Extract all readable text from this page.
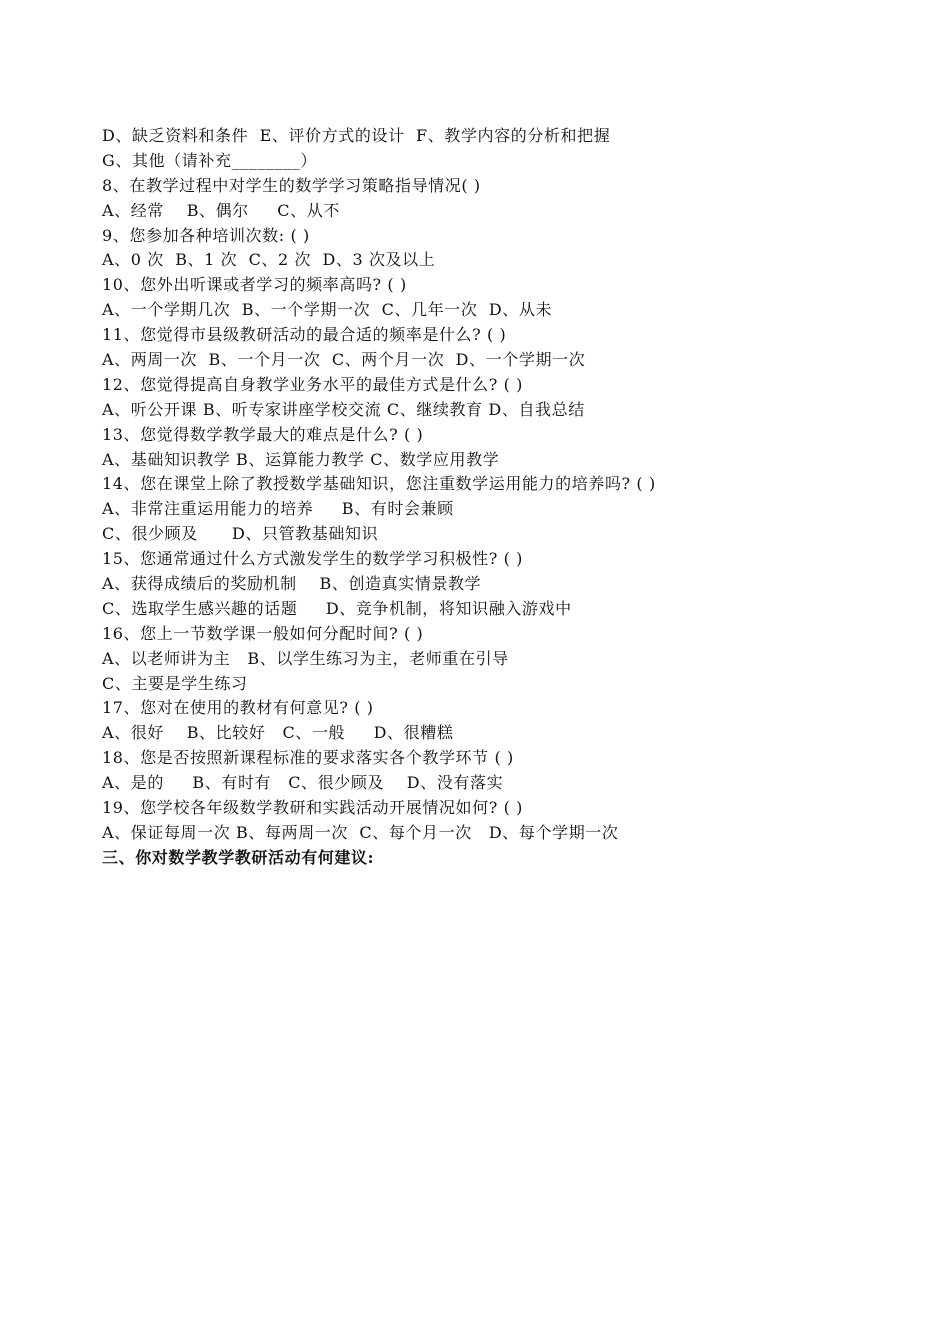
D、缺乏资料和条件  E、评价方式的设计  F、教学内容的分析和把握
G、其他（请补充________）
8、在教学过程中对学生的数学学习策略指导情况( )
A、经常    B、偶尔     C、从不
9、您参加各种培训次数: ( )
A、0 次  B、1 次  C、2 次  D、3 次及以上
10、您外出听课或者学习的频率高吗? ( )
A、一个学期几次  B、一个学期一次  C、几年一次  D、从未
11、您觉得市县级教研活动的最合适的频率是什么? ( )
A、两周一次  B、一个月一次  C、两个月一次  D、一个学期一次
12、您觉得提高自身教学业务水平的最佳方式是什么? ( )
A、听公开课 B、听专家讲座学校交流 C、继续教育 D、自我总结
13、您觉得数学教学最大的难点是什么? ( )
A、基础知识教学 B、运算能力教学 C、数学应用教学
14、您在课堂上除了教授数学基础知识，您注重数学运用能力的培养吗? ( )
A、非常注重运用能力的培养     B、有时会兼顾
C、很少顾及      D、只管教基础知识
15、您通常通过什么方式激发学生的数学学习积极性? ( )
A、获得成绩后的奖励机制    B、创造真实情景教学
C、选取学生感兴趣的话题     D、竞争机制，将知识融入游戏中
16、您上一节数学课一般如何分配时间? ( )
A、以老师讲为主   B、以学生练习为主，老师重在引导
C、主要是学生练习
17、您对在使用的教材有何意见? ( )
A、很好    B、比较好   C、一般     D、很糟糕
18、您是否按照新课程标准的要求落实各个教学环节 ( )
A、是的     B、有时有   C、很少顾及    D、没有落实
19、您学校各年级数学教研和实践活动开展情况如何? ( )
A、保证每周一次 B、每两周一次  C、每个月一次   D、每个学期一次
三、你对数学教学教研活动有何建议:
